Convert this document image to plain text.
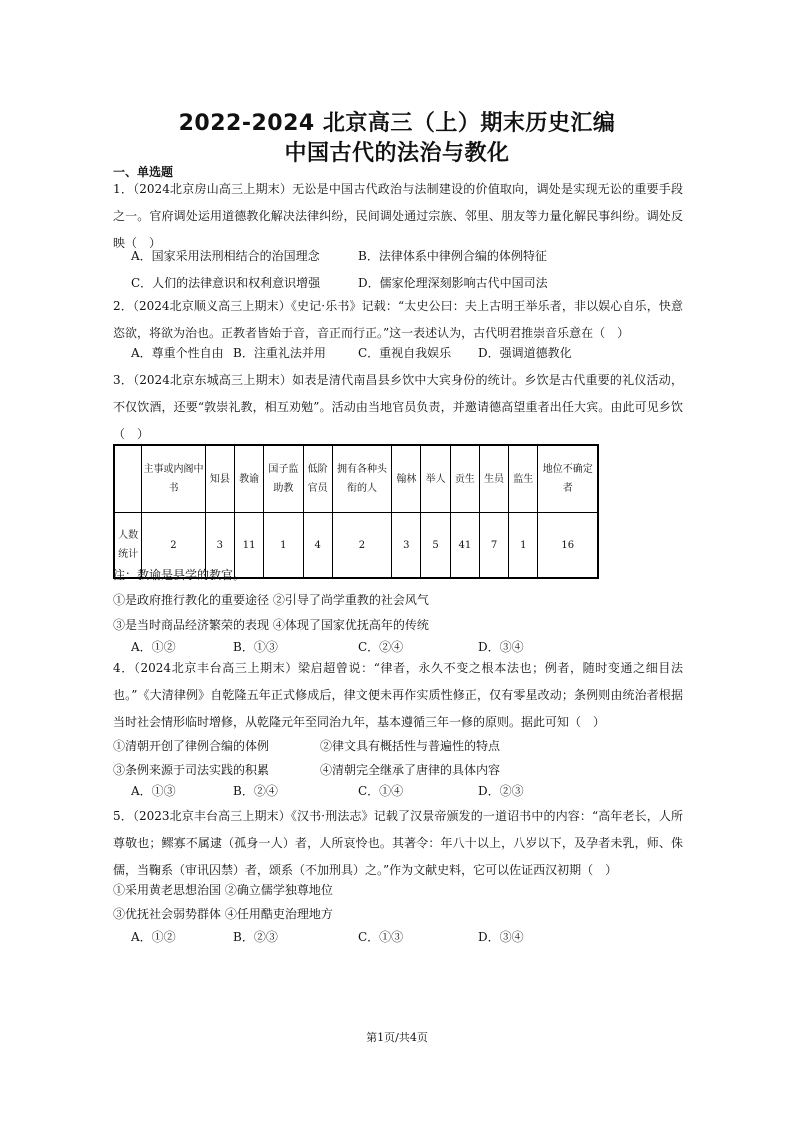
2022-2024 北京高三（上）期末历史汇编
中国古代的法治与教化
一、单选题
1．（2024北京房山高三上期末）无讼是中国古代政治与法制建设的价值取向，调处是实现无讼的重要手段之一。官府调处运用道德教化解决法律纠纷，民间调处通过宗族、邻里、朋友等力量化解民事纠纷。调处反映（　）
A．国家采用法刑相结合的治国理念	B．法律体系中律例合编的体例特征
C．人们的法律意识和权利意识增强	D．儒家伦理深刻影响古代中国司法
2．（2024北京顺义高三上期末）《史记·乐书》记载：“太史公曰：夫上古明王举乐者，非以娱心自乐，快意恣欲，将欲为治也。正教者皆始于音，音正而行正。”这一表述认为，古代明君推崇音乐意在（　）
A．尊重个性自由 B．注重礼法并用	C．重视自我娱乐 D．强调道德教化
3．（2024北京东城高三上期末）如表是清代南昌县乡饮中大宾身份的统计。乡饮是古代重要的礼仪活动，不仅饮酒，还要“敦崇礼教，相互劝勉”。活动由当地官员负责，并邀请德高望重者出任大宾。由此可见乡饮（　）
	主事或内阁中书	知县	教谕	国子监助教	低阶官员	拥有各种头衔的人	翰林	举人	贡生	生员	监生	地位不确定者
人数统计	2	3	11	1	4	2	3	5	41	7	1	16
注：教谕是县学的教官。
①是政府推行教化的重要途径 ②引导了尚学重教的社会风气
③是当时商品经济繁荣的表现 ④体现了国家优抚高年的传统
A．①②	B．①③	C．②④	D．③④
4．（2024北京丰台高三上期末）梁启超曾说：“律者，永久不变之根本法也；例者，随时变通之细目法也。”《大清律例》自乾隆五年正式修成后，律文便未再作实质性修正，仅有零星改动；条例则由统治者根据当时社会情形临时增修，从乾隆元年至同治九年，基本遵循三年一修的原则。据此可知（　）
①清朝开创了律例合编的体例	②律文具有概括性与普遍性的特点
③条例来源于司法实践的积累	④清朝完全继承了唐律的具体内容
A．①③	B．②④	C．①④	D．②③
5．（2023北京丰台高三上期末）《汉书·刑法志》记载了汉景帝颁发的一道诏书中的内容：“高年老长，人所尊敬也；鳏寡不属逮（孤身一人）者，人所哀怜也。其著令：年八十以上，八岁以下，及孕者未乳，师、侏儒，当鞠系（审讯囚禁）者，颂系（不加刑具）之。”作为文献史料，它可以佐证西汉初期（　）
①采用黄老思想治国 ②确立儒学独尊地位
③优抚社会弱势群体 ④任用酷吏治理地方
A．①②	B．②③	C．①③	D．③④
第1页/共4页
